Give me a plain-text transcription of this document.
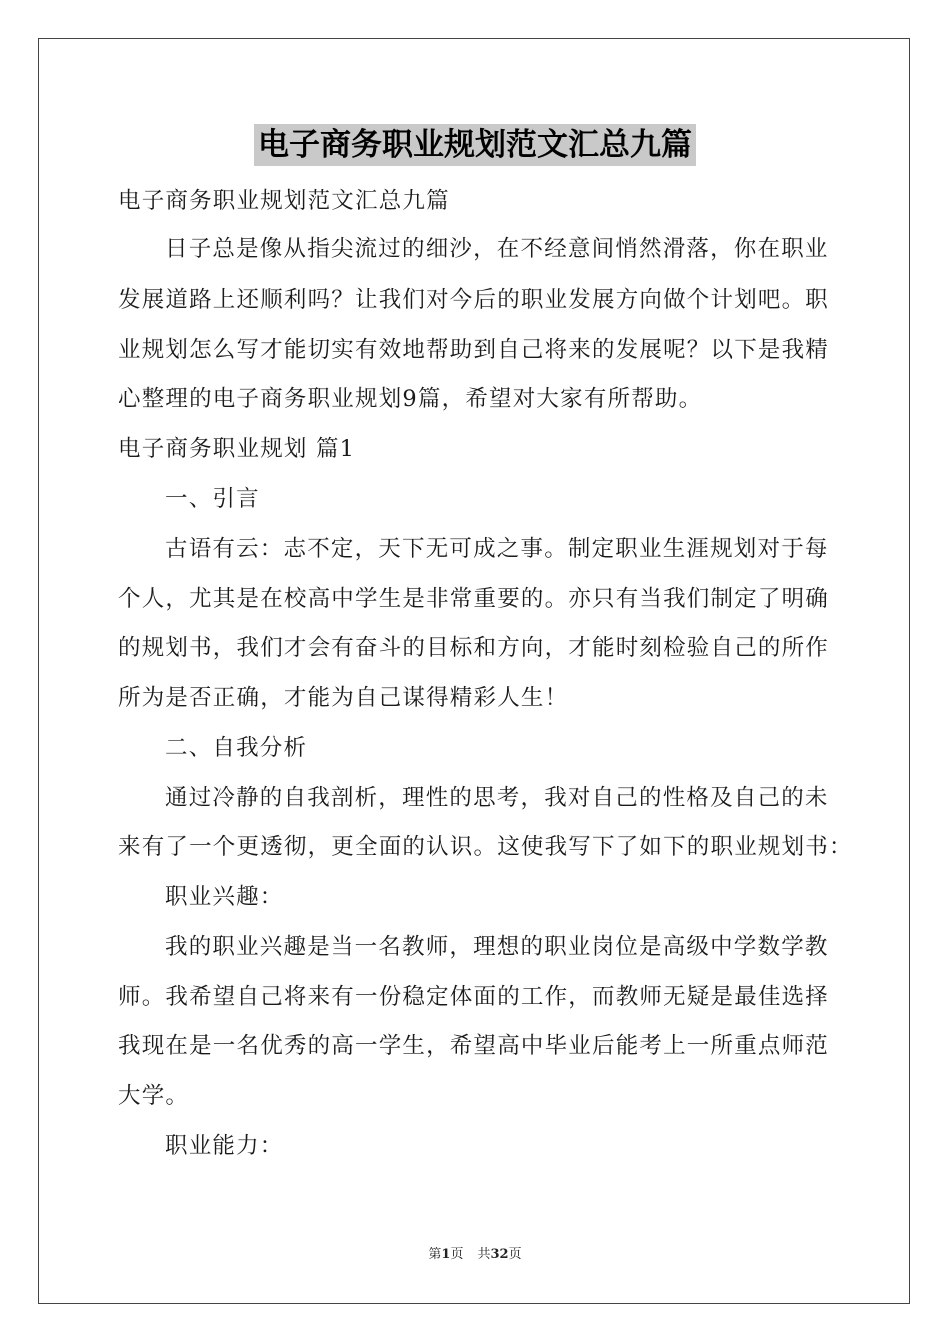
电子商务职业规划范文汇总九篇
电子商务职业规划范文汇总九篇
日子总是像从指尖流过的细沙，在不经意间悄然滑落，你在职业
发展道路上还顺利吗？让我们对今后的职业发展方向做个计划吧。职
业规划怎么写才能切实有效地帮助到自己将来的发展呢？以下是我精
心整理的电子商务职业规划9篇，希望对大家有所帮助。
电子商务职业规划 篇1
一、引言
古语有云：志不定，天下无可成之事。制定职业生涯规划对于每
个人，尤其是在校高中学生是非常重要的。亦只有当我们制定了明确
的规划书，我们才会有奋斗的目标和方向，才能时刻检验自己的所作
所为是否正确，才能为自己谋得精彩人生！
二、自我分析
通过冷静的自我剖析，理性的思考，我对自己的性格及自己的未
来有了一个更透彻，更全面的认识。这使我写下了如下的职业规划书：
职业兴趣：
我的职业兴趣是当一名教师，理想的职业岗位是高级中学数学教
师。我希望自己将来有一份稳定体面的工作，而教师无疑是最佳选择
我现在是一名优秀的高一学生，希望高中毕业后能考上一所重点师范
大学。
职业能力：
第1页 共32页
